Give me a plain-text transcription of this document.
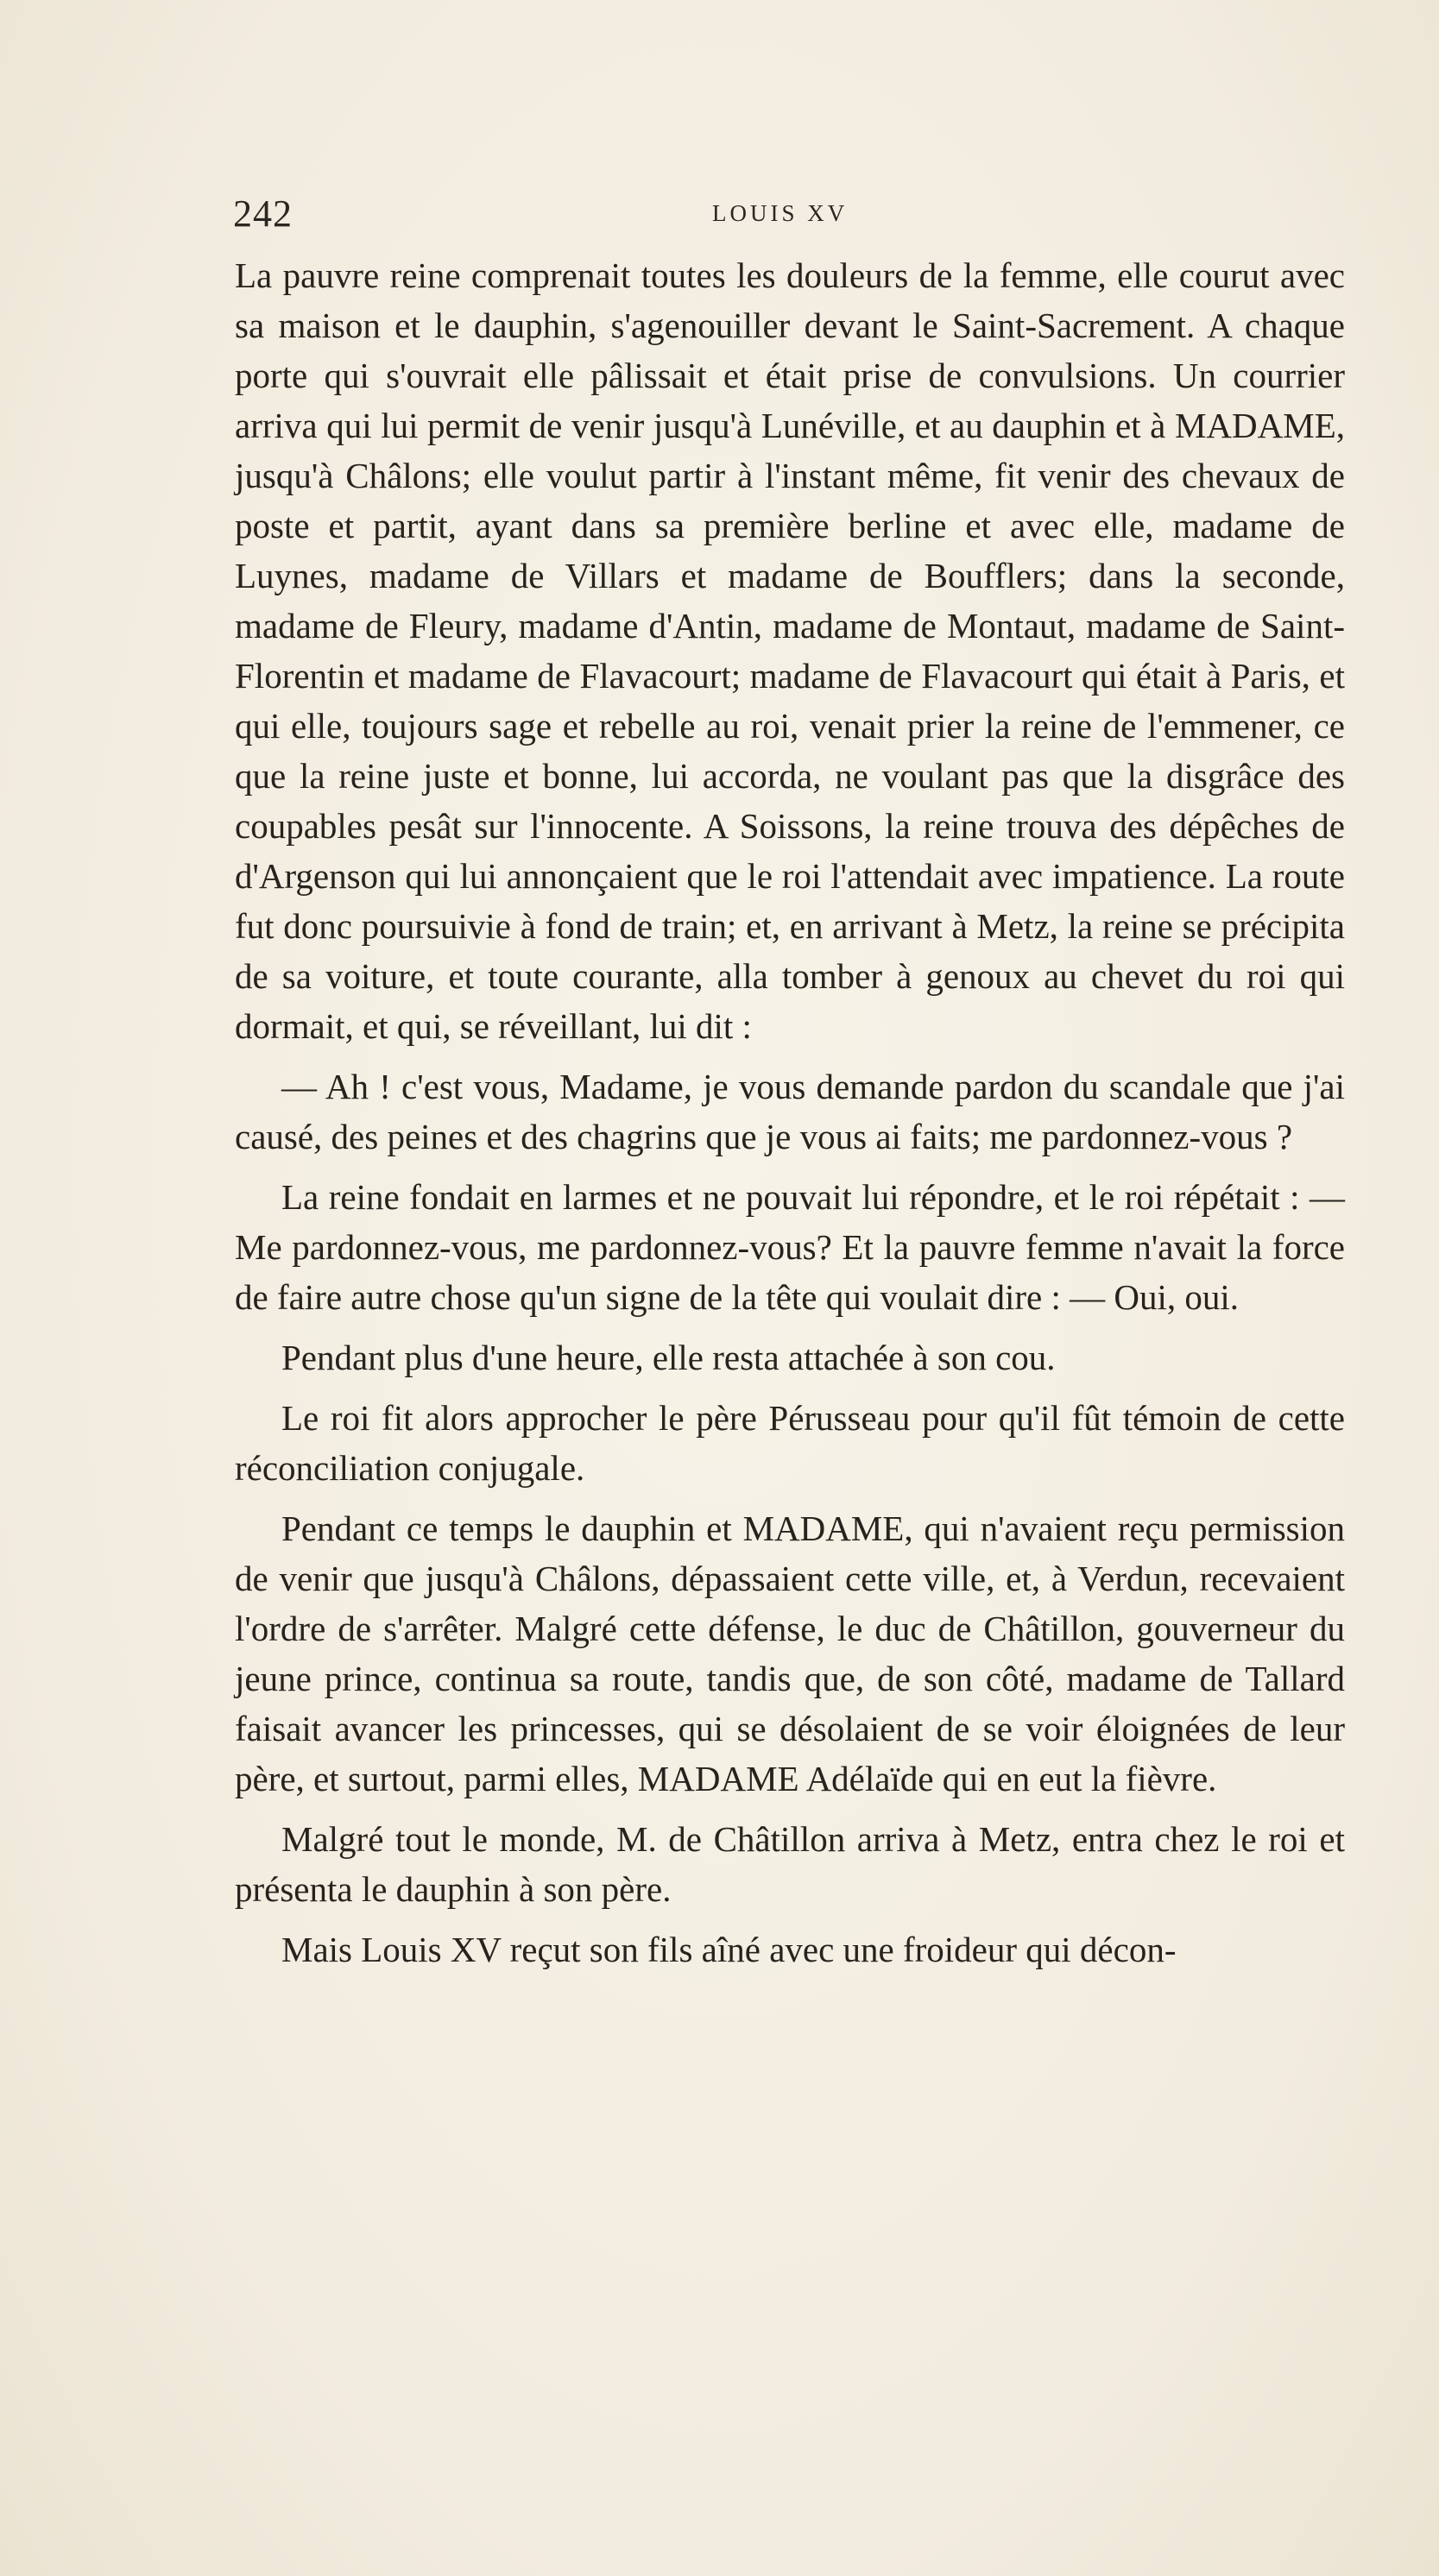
242	LOUIS XV

La pauvre reine comprenait toutes les douleurs de la femme, elle courut avec sa maison et le dauphin, s'agenouiller devant le Saint-Sacrement. A chaque porte qui s'ouvrait elle pâlissait et était prise de convulsions. Un courrier arriva qui lui permit de venir jusqu'à Lunéville, et au dauphin et à MADAME, jusqu'à Châlons; elle voulut partir à l'instant même, fit venir des chevaux de poste et partit, ayant dans sa première berline et avec elle, madame de Luynes, madame de Villars et madame de Boufflers; dans la seconde, madame de Fleury, madame d'Antin, madame de Montaut, madame de Saint-Florentin et madame de Flavacourt; madame de Flavacourt qui était à Paris, et qui elle, toujours sage et rebelle au roi, venait prier la reine de l'emmener, ce que la reine juste et bonne, lui accorda, ne voulant pas que la disgrâce des coupables pesât sur l'innocente. A Soissons, la reine trouva des dépêches de d'Argenson qui lui annonçaient que le roi l'attendait avec impatience. La route fut donc poursuivie à fond de train; et, en arrivant à Metz, la reine se précipita de sa voiture, et toute courante, alla tomber à genoux au chevet du roi qui dormait, et qui, se réveillant, lui dit :

— Ah ! c'est vous, Madame, je vous demande pardon du scandale que j'ai causé, des peines et des chagrins que je vous ai faits; me pardonnez-vous ?

La reine fondait en larmes et ne pouvait lui répondre, et le roi répétait : — Me pardonnez-vous, me pardonnez-vous? Et la pauvre femme n'avait la force de faire autre chose qu'un signe de la tête qui voulait dire : — Oui, oui.

Pendant plus d'une heure, elle resta attachée à son cou.

Le roi fit alors approcher le père Pérusseau pour qu'il fût témoin de cette réconciliation conjugale.

Pendant ce temps le dauphin et MADAME, qui n'avaient reçu permission de venir que jusqu'à Châlons, dépassaient cette ville, et, à Verdun, recevaient l'ordre de s'arrêter. Malgré cette défense, le duc de Châtillon, gouverneur du jeune prince, continua sa route, tandis que, de son côté, madame de Tallard faisait avancer les princesses, qui se désolaient de se voir éloignées de leur père, et surtout, parmi elles, MADAME Adélaïde qui en eut la fièvre.

Malgré tout le monde, M. de Châtillon arriva à Metz, entra chez le roi et présenta le dauphin à son père.

Mais Louis XV reçut son fils aîné avec une froideur qui décon-
